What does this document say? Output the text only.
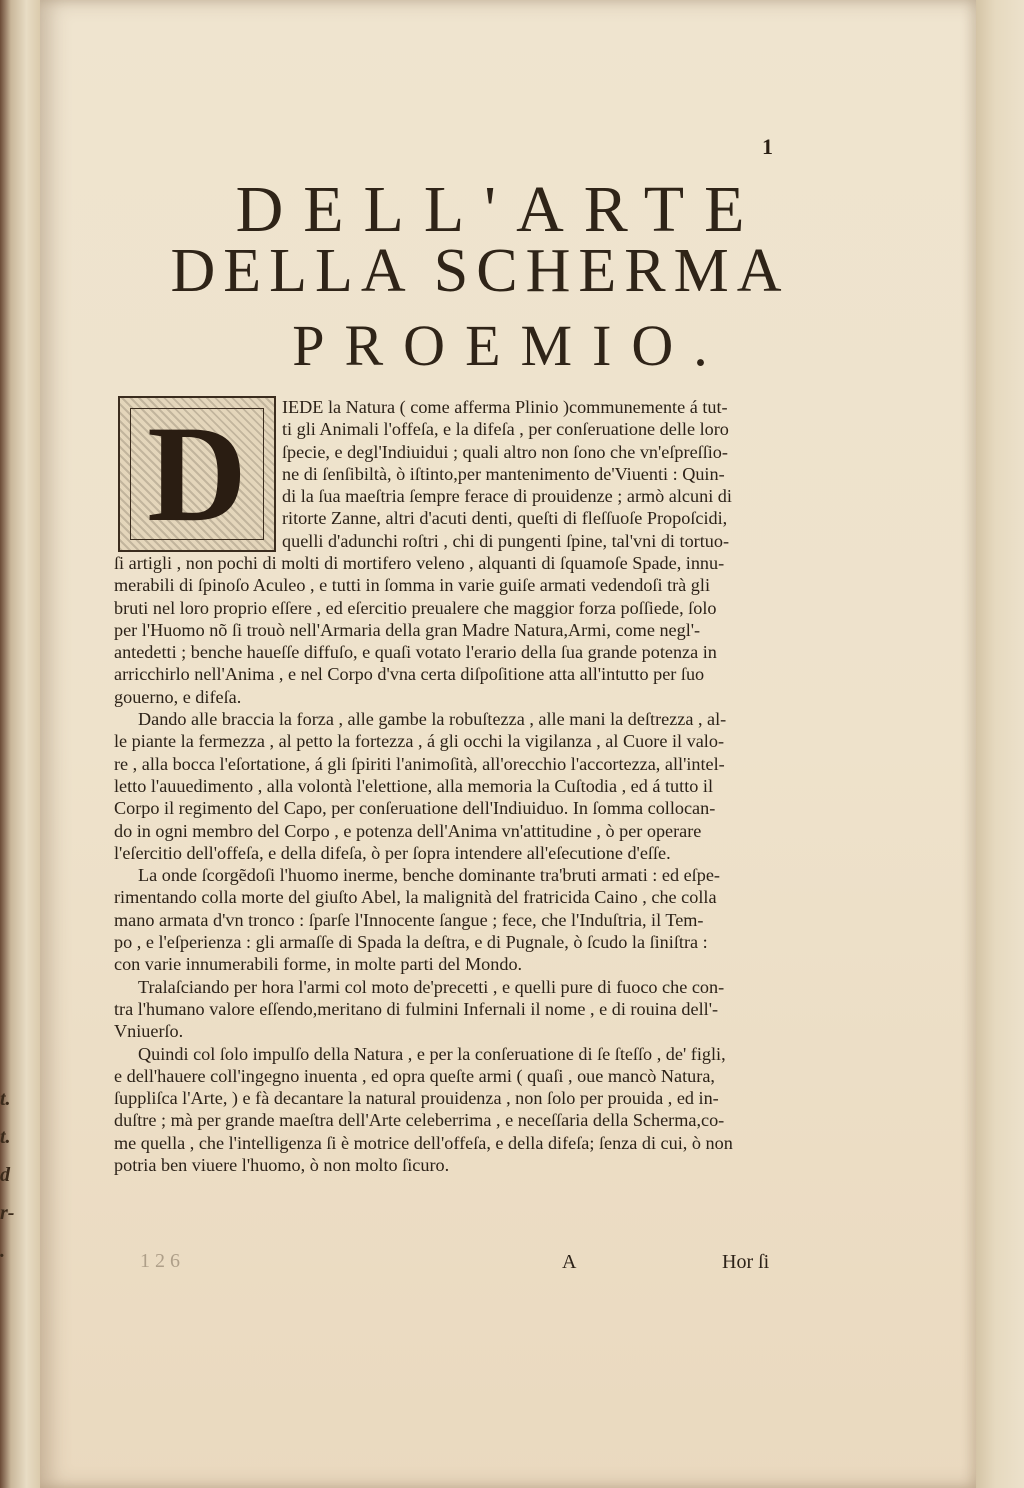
t.
t.
d
r-
.
1
DELL'ARTE
DELLA SCHERMA
PROEMIO.
D	IEDE la Natura ( come afferma Plinio )communemente á tut-
ti gli Animali l'offeſa, e la difeſa , per conſeruatione delle loro
ſpecie, e degl'Indiuidui ; quali altro non ſono che vn'eſpreſſio-
ne di ſenſibiltà, ò iſtinto,per mantenimento de'Viuenti : Quin-
di la ſua maeſtria ſempre ferace di prouidenze ; armò alcuni di
ritorte Zanne, altri d'acuti denti, queſti di fleſſuoſe Propoſcidi,
quelli d'adunchi roſtri , chi di pungenti ſpine, tal'vni di tortuo-
ſi artigli , non pochi di molti di mortifero veleno , alquanti di ſquamoſe Spade, innu-
merabili di ſpinoſo Aculeo , e tutti in ſomma in varie guiſe armati vedendoſi trà gli
bruti nel loro proprio eſſere , ed eſercitio preualere che maggior forza poſſiede, ſolo
per l'Huomo nõ ſi trouò nell'Armaria della gran Madre Natura,Armi, come negl'-
antedetti ; benche haueſſe diffuſo, e quaſi votato l'erario della ſua grande potenza in
arricchirlo nell'Anima , e nel Corpo d'vna certa diſpoſitione atta all'intutto per ſuo
gouerno, e difeſa.
Dando alle braccia la forza , alle gambe la robuſtezza , alle mani la deſtrezza , al-
le piante la fermezza , al petto la fortezza , á gli occhi la vigilanza , al Cuore il valo-
re , alla bocca l'eſortatione, á gli ſpiriti l'animoſità, all'orecchio l'accortezza, all'intel-
letto l'auuedimento , alla volontà l'elettione, alla memoria la Cuſtodia , ed á tutto il
Corpo il regimento del Capo, per conſeruatione dell'Indiuiduo. In ſomma collocan-
do in ogni membro del Corpo , e potenza dell'Anima vn'attitudine , ò per operare
l'eſercitio dell'offeſa, e della difeſa, ò per ſopra intendere all'eſecutione d'eſſe.
La onde ſcorgẽdoſi l'huomo inerme, benche dominante tra'bruti armati : ed eſpe-
rimentando colla morte del giuſto Abel, la malignità del fratricida Caino , che colla
mano armata d'vn tronco : ſparſe l'Innocente ſangue ; fece, che l'Induſtria, il Tem-
po , e l'eſperienza : gli armaſſe di Spada la deſtra, e di Pugnale, ò ſcudo la ſiniſtra :
con varie innumerabili forme, in molte parti del Mondo.
Tralaſciando per hora l'armi col moto de'precetti , e quelli pure di fuoco che con-
tra l'humano valore eſſendo,meritano di fulmini Infernali il nome , e di rouina dell'-
Vniuerſo.
Quindi col ſolo impulſo della Natura , e per la conſeruatione di ſe ſteſſo , de' figli,
e dell'hauere coll'ingegno inuenta , ed opra queſte armi ( quaſi , oue mancò Natura,
ſuppliſca l'Arte, ) e fà decantare la natural prouidenza , non ſolo per prouida , ed in-
duſtre ; mà per grande maeſtra dell'Arte celeberrima , e neceſſaria della Scherma,co-
me quella , che l'intelligenza ſi è motrice dell'offeſa, e della difeſa; ſenza di cui, ò non
potria ben viuere l'huomo, ò non molto ſicuro.
1 2 6	A	Hor ſi
